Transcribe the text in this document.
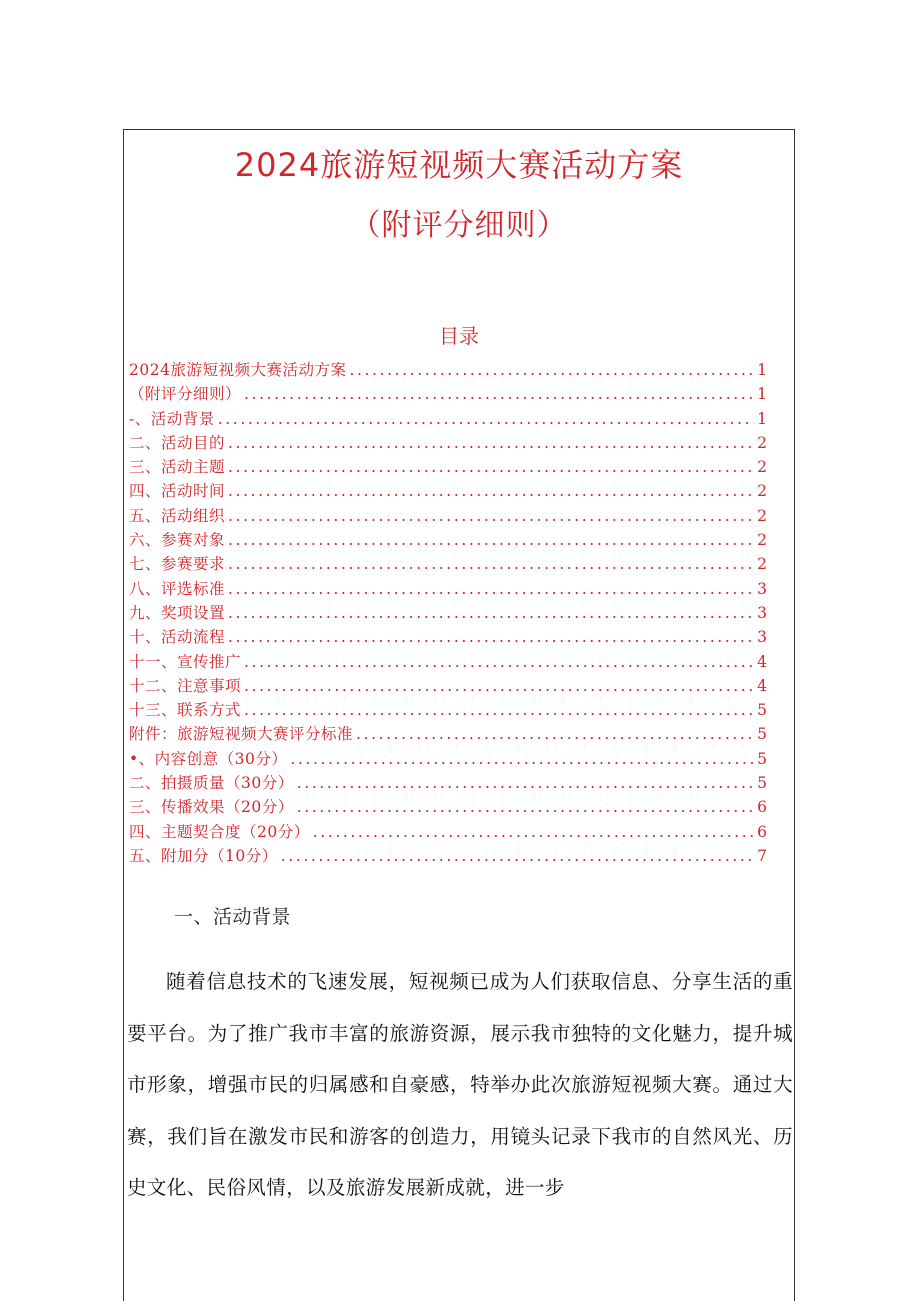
2024旅游短视频大赛活动方案
（附评分细则）
目录
2024旅游短视频大赛活动方案 .....	1
（附评分细则） .....	1
-、活动背景 .....	1
二、活动目的 .....	2
三、活动主题 .....	2
四、活动时间 .....	2
五、活动组织 .....	2
六、参赛对象 .....	2
七、参赛要求 .....	2
八、评选标准 .....	3
九、奖项设置 .....	3
十、活动流程 .....	3
十一、宣传推广 .....	4
十二、注意事项 .....	4
十三、联系方式 .....	5
附件：旅游短视频大赛评分标准 .....	5
•、内容创意（30分） .....	5
二、拍摄质量（30分） .....	5
三、传播效果（20分） .....	6
四、主题契合度（20分） .....	6
五、附加分（10分） .....	7
一、活动背景

随着信息技术的飞速发展，短视频已成为人们获取信息、分享生活的重要平台。为了推广我市丰富的旅游资源，展示我市独特的文化魅力，提升城市形象，增强市民的归属感和自豪感，特举办此次旅游短视频大赛。通过大赛，我们旨在激发市民和游客的创造力，用镜头记录下我市的自然风光、历史文化、民俗风情，以及旅游发展新成就，进一步
